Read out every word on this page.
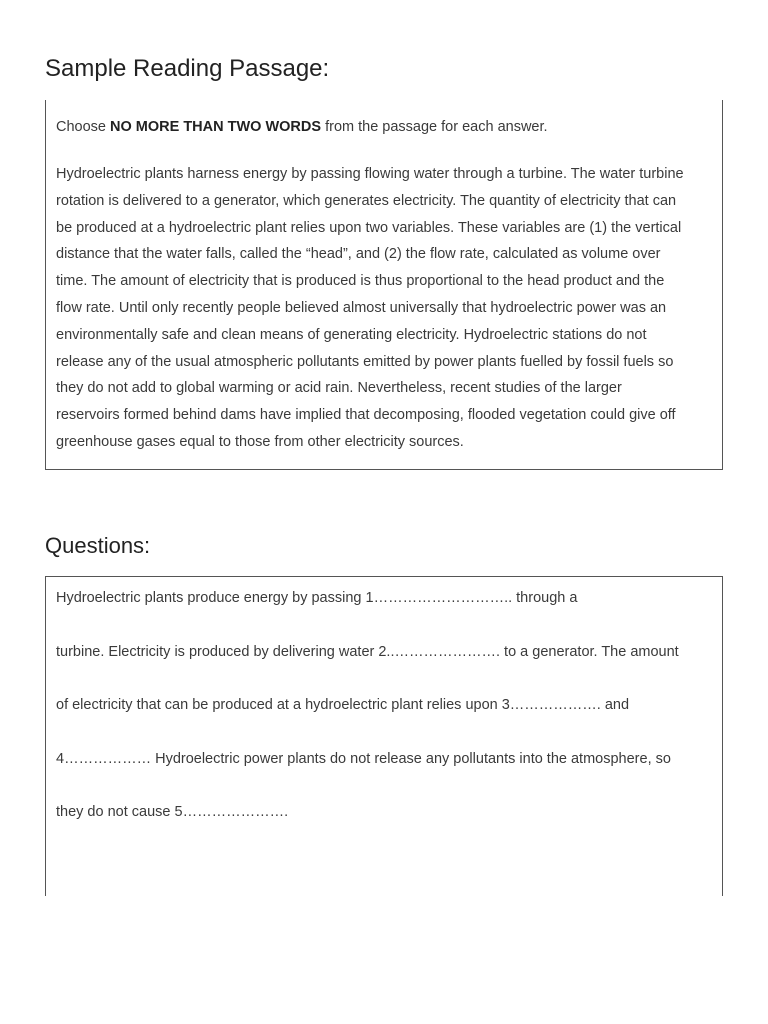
Sample Reading Passage:

Choose NO MORE THAN TWO WORDS from the passage for each answer.

Hydroelectric plants harness energy by passing flowing water through a turbine. The water turbine

rotation is delivered to a generator, which generates electricity. The quantity of electricity that can

be produced at a hydroelectric plant relies upon two variables. These variables are (1) the vertical

distance that the water falls, called the “head”, and (2) the flow rate, calculated as volume over

time. The amount of electricity that is produced is thus proportional to the head product and the

flow rate. Until only recently people believed almost universally that hydroelectric power was an

environmentally safe and clean means of generating electricity. Hydroelectric stations do not

release any of the usual atmospheric pollutants emitted by power plants fuelled by fossil fuels so

they do not add to global warming or acid rain. Nevertheless, recent studies of the larger

reservoirs formed behind dams have implied that decomposing, flooded vegetation could give off

greenhouse gases equal to those from other electricity sources.

Questions:

Hydroelectric plants produce energy by passing 1……………………….. through a

turbine. Electricity is produced by delivering water 2..…………………. to a generator. The amount

of electricity that can be produced at a hydroelectric plant relies upon 3………………. and

4……………… Hydroelectric power plants do not release any pollutants into the atmosphere, so

they do not cause 5………………….
